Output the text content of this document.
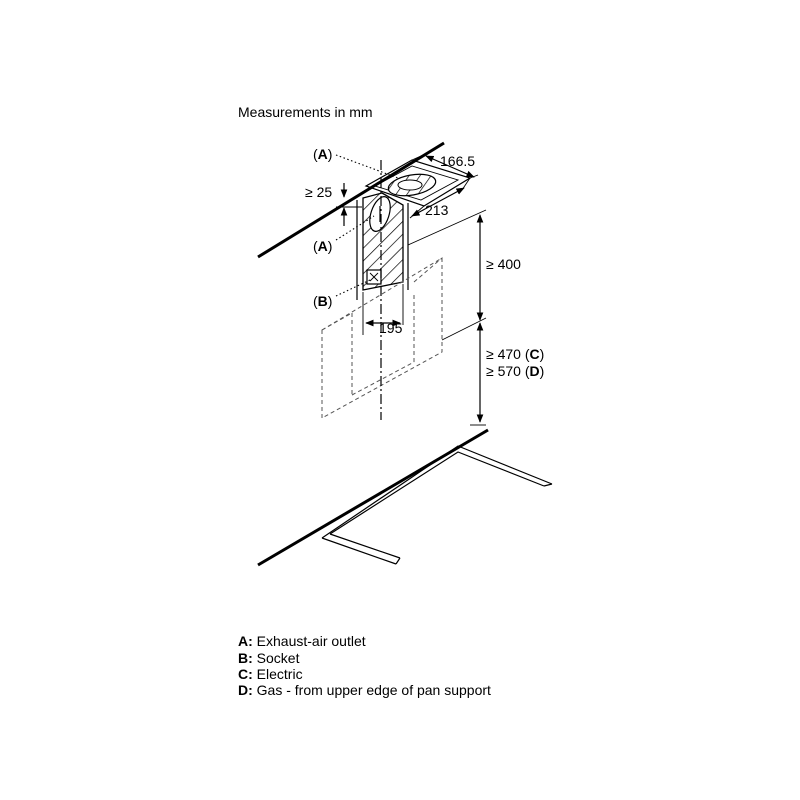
Measurements in mm
166.5
213
≥ 25
≥ 400
≥ 470 (C)
≥ 570 (D)
195
(A)
(A)
(B)
A: Exhaust-air outlet
B: Socket
C: Electric
D: Gas - from upper edge of pan support
